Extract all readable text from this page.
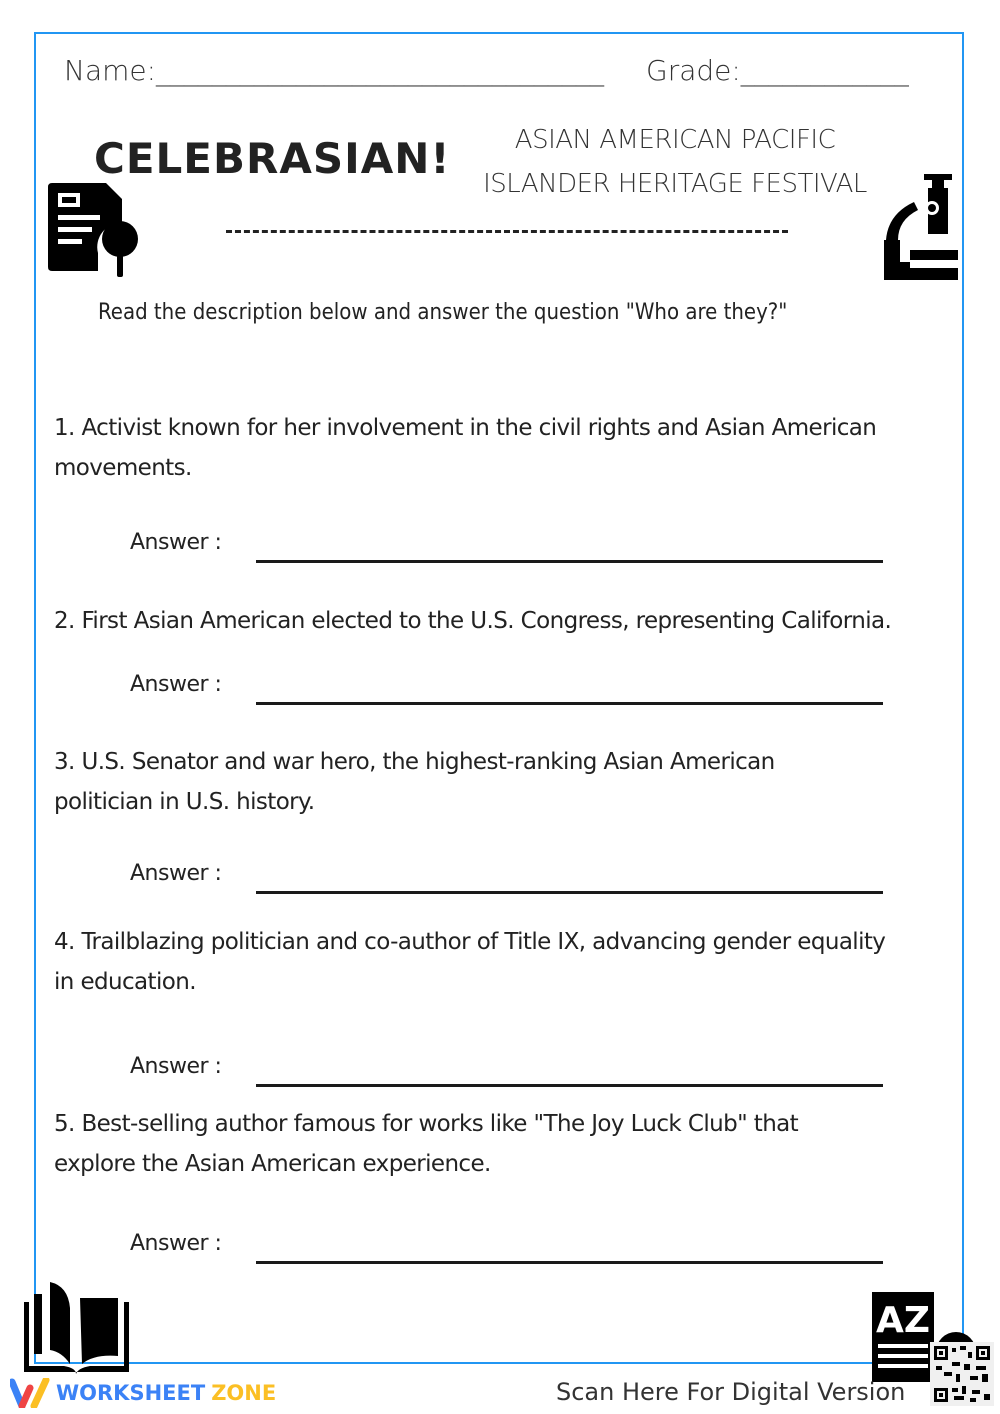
Name:________________________________ Grade:____________
CELEBRASIAN!	ASIAN AMERICAN PACIFIC
ISLANDER HERITAGE FESTIVAL
Read the description below and answer the question "Who are they?"
1. Activist known for her involvement in the civil rights and Asian American movements.
Answer :
2. First Asian American elected to the U.S. Congress, representing California.
Answer :
3. U.S. Senator and war hero, the highest-ranking Asian American politician in U.S. history.
Answer :
4. Trailblazing politician and co-author of Title IX, advancing gender equality in education.
Answer :
5. Best-selling author famous for works like "The Joy Luck Club" that explore the Asian American experience.
Answer :
AZ
WORKSHEET ZONE	Scan Here For Digital Version
